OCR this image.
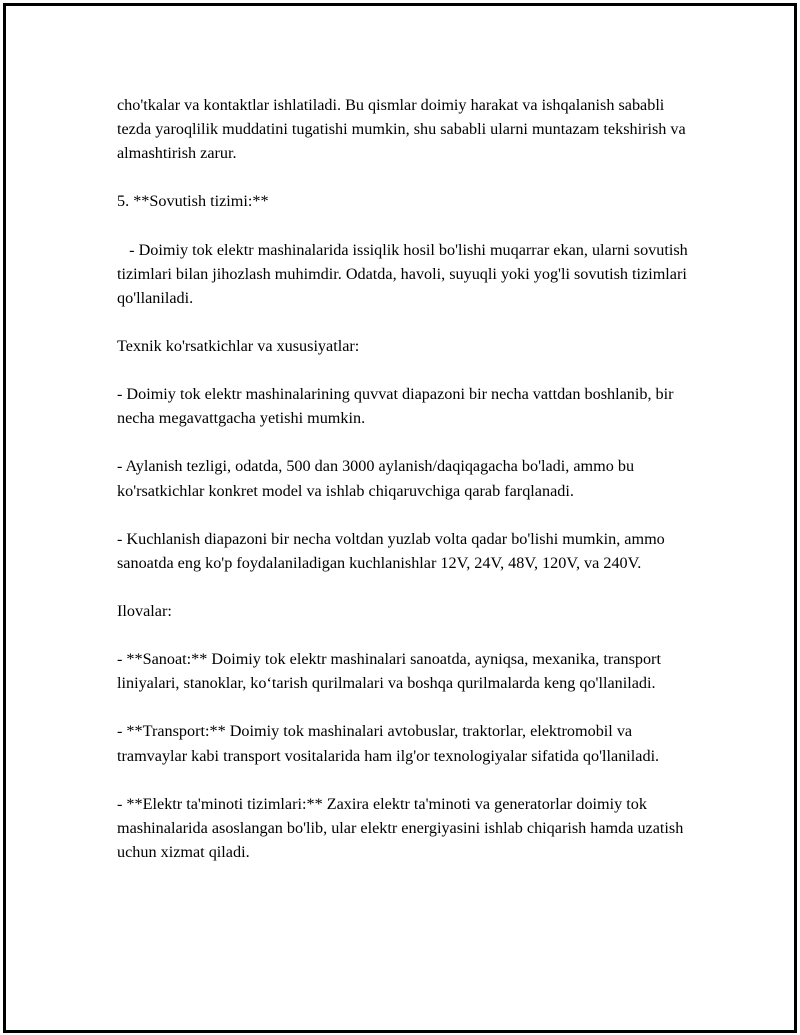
cho'tkalar va kontaktlar ishlatiladi. Bu qismlar doimiy harakat va ishqalanish sababli tezda yaroqlilik muddatini tugatishi mumkin, shu sababli ularni muntazam tekshirish va almashtirish zarur.

5. **Sovutish tizimi:**

- Doimiy tok elektr mashinalarida issiqlik hosil bo'lishi muqarrar ekan, ularni sovutish tizimlari bilan jihozlash muhimdir. Odatda, havoli, suyuqli yoki yog'li sovutish tizimlari qo'llaniladi.

Texnik ko'rsatkichlar va xususiyatlar:

- Doimiy tok elektr mashinalarining quvvat diapazoni bir necha vattdan boshlanib, bir necha megavattgacha yetishi mumkin.

- Aylanish tezligi, odatda, 500 dan 3000 aylanish/daqiqagacha bo'ladi, ammo bu ko'rsatkichlar konkret model va ishlab chiqaruvchiga qarab farqlanadi.

- Kuchlanish diapazoni bir necha voltdan yuzlab volta qadar bo'lishi mumkin, ammo sanoatda eng ko'p foydalaniladigan kuchlanishlar 12V, 24V, 48V, 120V, va 240V.

Ilovalar:

- **Sanoat:** Doimiy tok elektr mashinalari sanoatda, ayniqsa, mexanika, transport liniyalari, stanoklar, ko‘tarish qurilmalari va boshqa qurilmalarda keng qo'llaniladi.

- **Transport:** Doimiy tok mashinalari avtobuslar, traktorlar, elektromobil va tramvaylar kabi transport vositalarida ham ilg'or texnologiyalar sifatida qo'llaniladi.

- **Elektr ta'minoti tizimlari:** Zaxira elektr ta'minoti va generatorlar doimiy tok mashinalarida asoslangan bo'lib, ular elektr energiyasini ishlab chiqarish hamda uzatish uchun xizmat qiladi.
